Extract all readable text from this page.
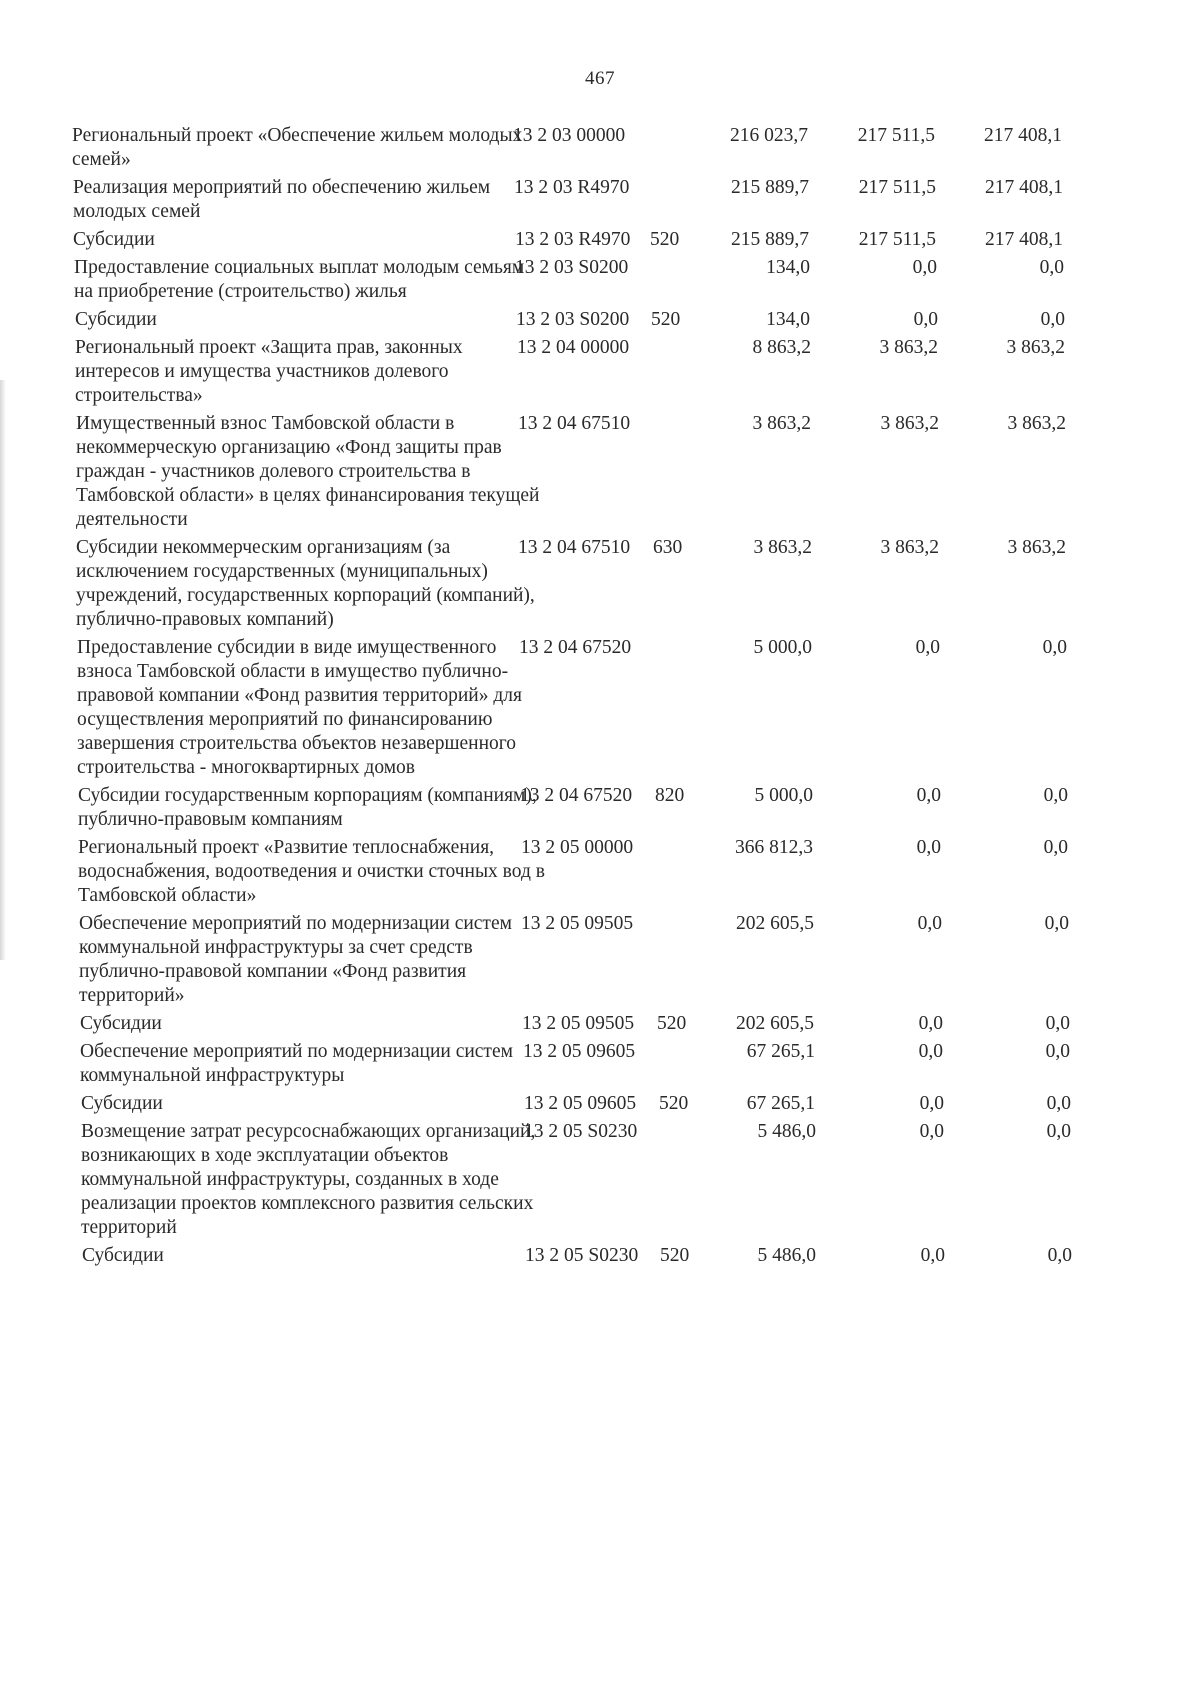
467
Региональный проект «Обеспечение жильем молодых семей»
13 2 03 00000	216 023,7	217 511,5	217 408,1
Реализация мероприятий по обеспечению жильем молодых семей
13 2 03 R4970	215 889,7	217 511,5	217 408,1
Субсидии	13 2 03 R4970 520	215 889,7	217 511,5	217 408,1
Предоставление социальных выплат молодым семьям на приобретение (строительство) жилья
13 2 03 S0200	134,0	0,0	0,0
Субсидии	13 2 03 S0200 520	134,0	0,0	0,0
Региональный проект «Защита прав, законных интересов и имущества участников долевого строительства»
13 2 04 00000	8 863,2	3 863,2	3 863,2
Имущественный взнос Тамбовской области в некоммерческую организацию «Фонд защиты прав граждан - участников долевого строительства в Тамбовской области» в целях финансирования текущей деятельности
13 2 04 67510	3 863,2	3 863,2	3 863,2
Субсидии некоммерческим организациям (за исключением государственных (муниципальных) учреждений, государственных корпораций (компаний), публично-правовых компаний)
13 2 04 67510 630	3 863,2	3 863,2	3 863,2
Предоставление субсидии в виде имущественного взноса Тамбовской области в имущество публично-правовой компании «Фонд развития территорий» для осуществления мероприятий по финансированию завершения строительства объектов незавершенного строительства - многоквартирных домов
13 2 04 67520	5 000,0	0,0	0,0
Субсидии государственным корпорациям (компаниям), публично-правовым компаниям
13 2 04 67520 820	5 000,0	0,0	0,0
Региональный проект «Развитие теплоснабжения, водоснабжения, водоотведения и очистки сточных вод в Тамбовской области»
13 2 05 00000	366 812,3	0,0	0,0
Обеспечение мероприятий по модернизации систем коммунальной инфраструктуры за счет средств публично-правовой компании «Фонд развития территорий»
13 2 05 09505	202 605,5	0,0	0,0
Субсидии	13 2 05 09505 520	202 605,5	0,0	0,0
Обеспечение мероприятий по модернизации систем коммунальной инфраструктуры
13 2 05 09605	67 265,1	0,0	0,0
Субсидии	13 2 05 09605 520	67 265,1	0,0	0,0
Возмещение затрат ресурсоснабжающих организаций, возникающих в ходе эксплуатации объектов коммунальной инфраструктуры, созданных в ходе реализации проектов комплексного развития сельских территорий
13 2 05 S0230	5 486,0	0,0	0,0
Субсидии	13 2 05 S0230 520	5 486,0	0,0	0,0
